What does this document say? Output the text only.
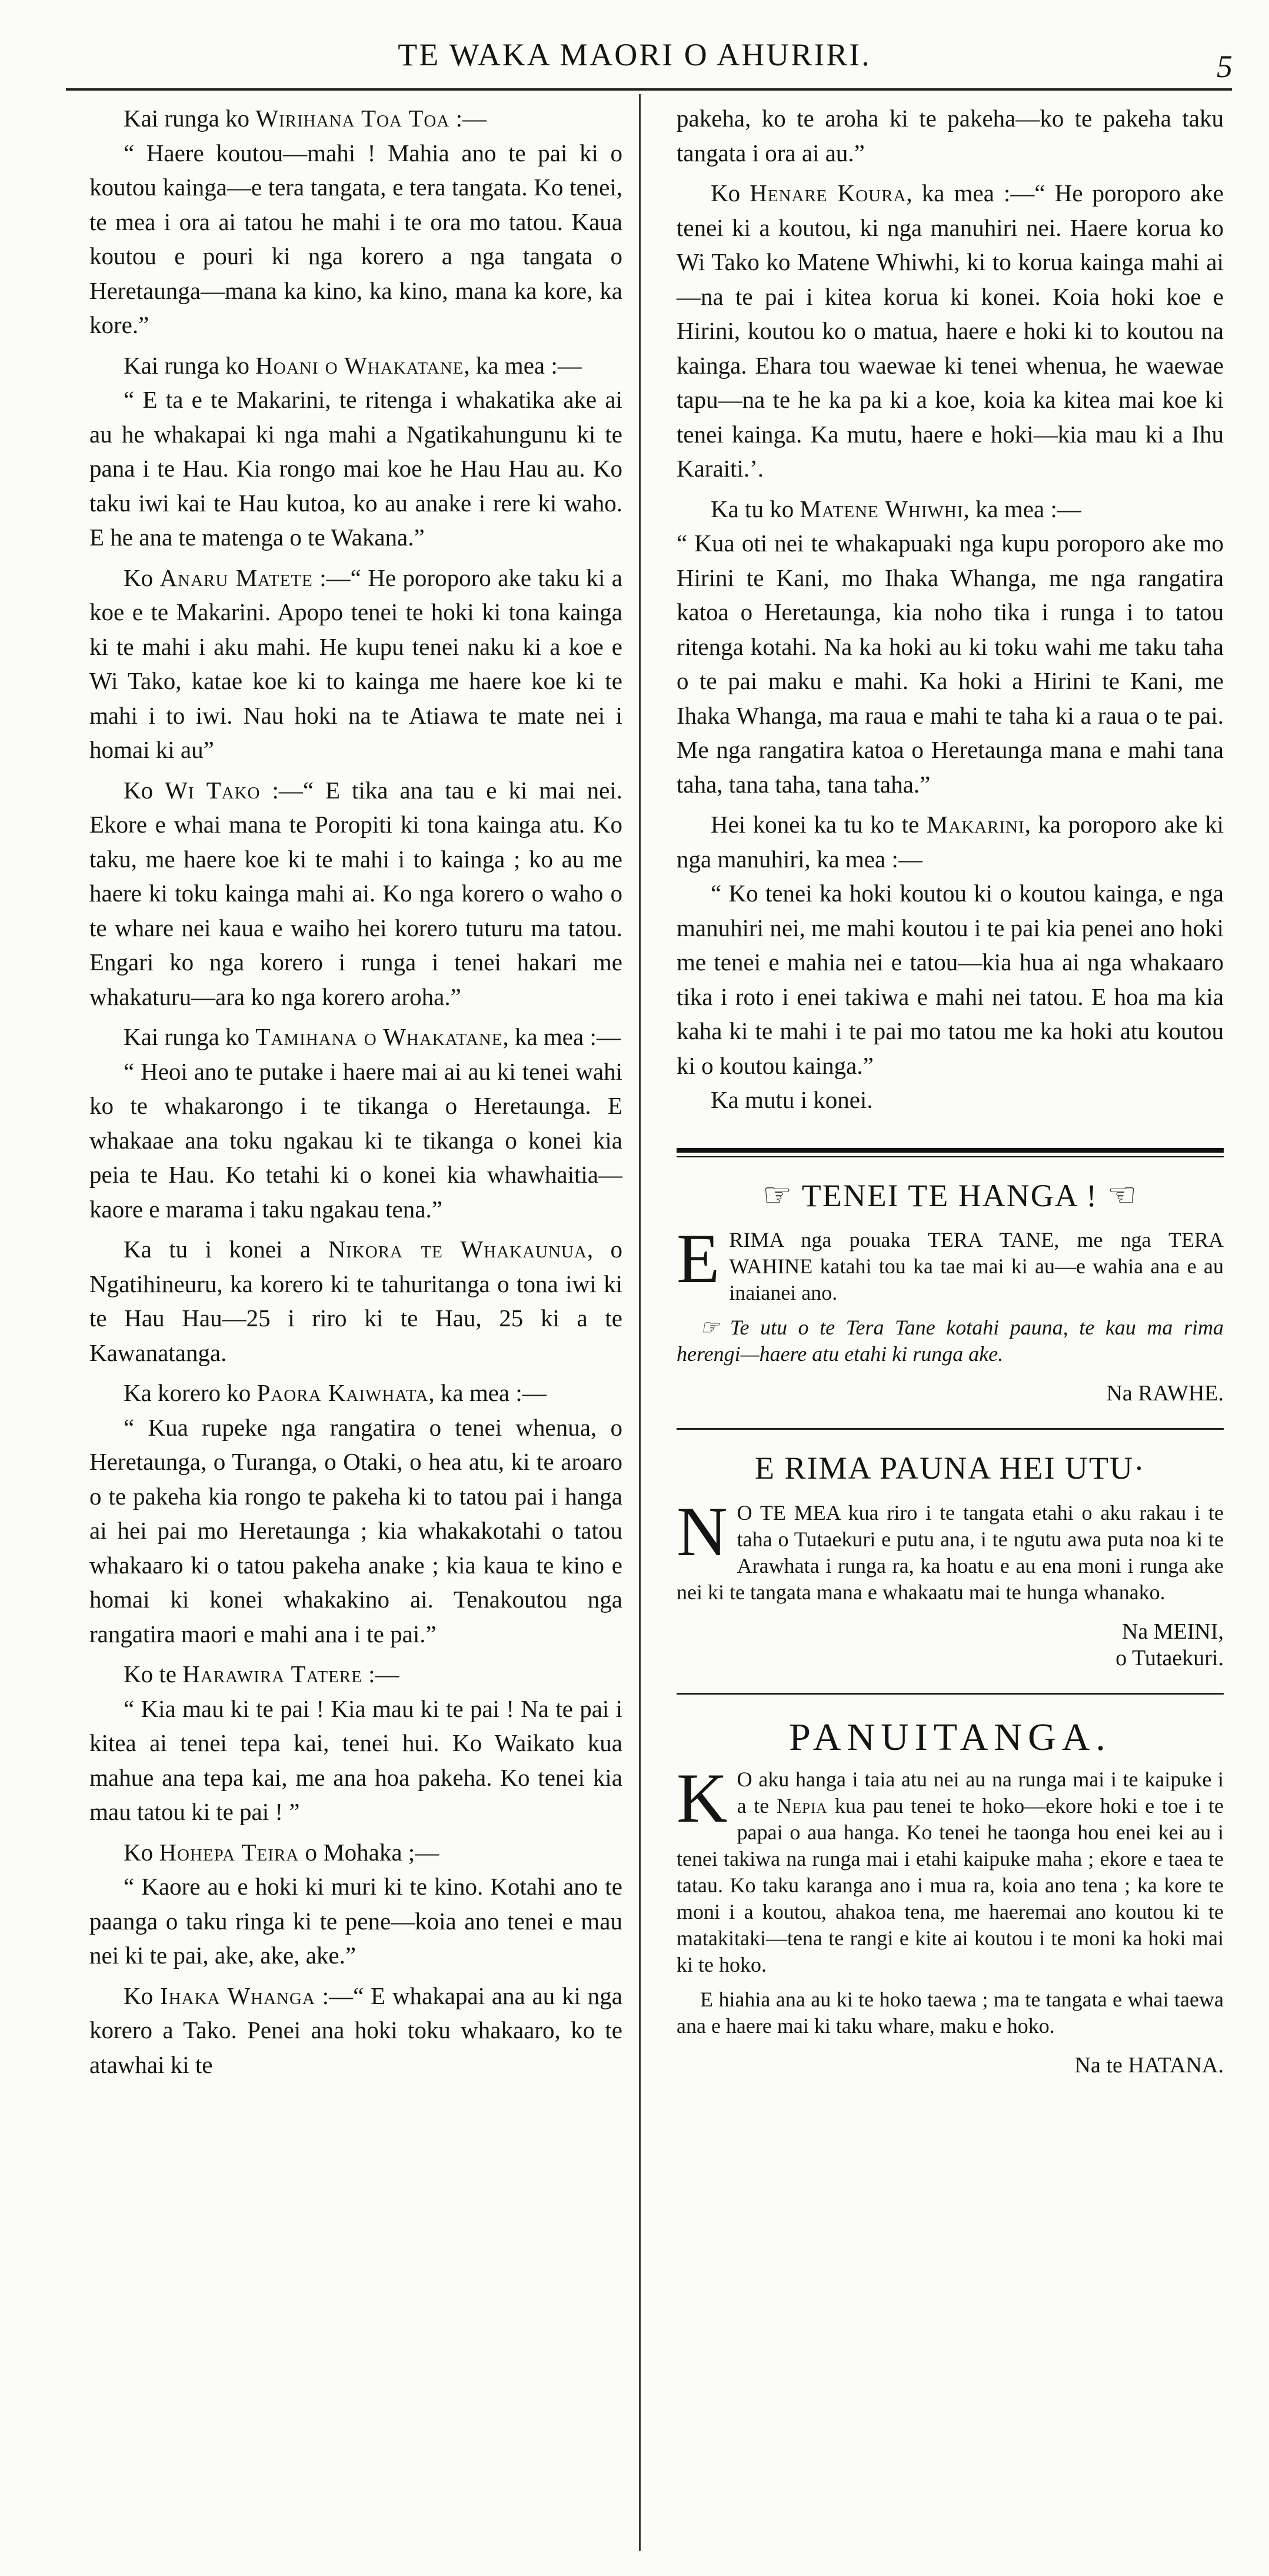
TE WAKA MAORI O AHURIRI.	5

Kai runga ko Wirihana Toa Toa :—

“ Haere koutou—mahi ! Mahia ano te pai ki o koutou kainga—e tera tangata, e tera tangata. Ko tenei, te mea i ora ai tatou he mahi i te ora mo tatou. Kaua koutou e pouri ki nga korero a nga tangata o Heretaunga—mana ka kino, ka kino, mana ka kore, ka kore.”

Kai runga ko Hoani o Whakatane, ka mea :—

“ E ta e te Makarini, te ritenga i whakatika ake ai au he whakapai ki nga mahi a Ngatikahungunu ki te pana i te Hau. Kia rongo mai koe he Hau Hau au. Ko taku iwi kai te Hau kutoa, ko au anake i rere ki waho. E he ana te matenga o te Wakana.”

Ko Anaru Matete :—“ He poroporo ake taku ki a koe e te Makarini. Apopo tenei te hoki ki tona kainga ki te mahi i aku mahi. He kupu tenei naku ki a koe e Wi Tako, katae koe ki to kainga me haere koe ki te mahi i to iwi. Nau hoki na te Atiawa te mate nei i homai ki au”

Ko Wi Tako :—“ E tika ana tau e ki mai nei. Ekore e whai mana te Poropiti ki tona kainga atu. Ko taku, me haere koe ki te mahi i to kainga ; ko au me haere ki toku kainga mahi ai. Ko nga korero o waho o te whare nei kaua e waiho hei korero tuturu ma tatou. Engari ko nga korero i runga i tenei hakari me whakaturu—ara ko nga korero aroha.”

Kai runga ko Tamihana o Whakatane, ka mea :—

“ Heoi ano te putake i haere mai ai au ki tenei wahi ko te whakarongo i te tikanga o Heretaunga. E whakaae ana toku ngakau ki te tikanga o konei kia peia te Hau. Ko tetahi ki o konei kia whawhaitia—kaore e marama i taku ngakau tena.”

Ka tu i konei a Nikora te Whakaunua, o Ngatihineuru, ka korero ki te tahuritanga o tona iwi ki te Hau Hau—25 i riro ki te Hau, 25 ki a te Kawanatanga.

Ka korero ko Paora Kaiwhata, ka mea :—

“ Kua rupeke nga rangatira o tenei whenua, o Heretaunga, o Turanga, o Otaki, o hea atu, ki te aroaro o te pakeha kia rongo te pakeha ki to tatou pai i hanga ai hei pai mo Heretaunga ; kia whakakotahi o tatou whakaaro ki o tatou pakeha anake ; kia kaua te kino e homai ki konei whakakino ai. Tenakoutou nga rangatira maori e mahi ana i te pai.”

Ko te Harawira Tatere :—

“ Kia mau ki te pai ! Kia mau ki te pai ! Na te pai i kitea ai tenei tepa kai, tenei hui. Ko Waikato kua mahue ana tepa kai, me ana hoa pakeha. Ko tenei kia mau tatou ki te pai ! ”

Ko Hohepa Teira o Mohaka ;—

“ Kaore au e hoki ki muri ki te kino. Kotahi ano te paanga o taku ringa ki te pene—koia ano tenei e mau nei ki te pai, ake, ake, ake.”

Ko Ihaka Whanga :—“ E whakapai ana au ki nga korero a Tako. Penei ana hoki toku whakaaro, ko te atawhai ki te

pakeha, ko te aroha ki te pakeha—ko te pakeha taku tangata i ora ai au.”

Ko Henare Koura, ka mea :—“ He poroporo ake tenei ki a koutou, ki nga manuhiri nei. Haere korua ko Wi Tako ko Matene Whiwhi, ki to korua kainga mahi ai—na te pai i kitea korua ki konei. Koia hoki koe e Hirini, koutou ko o matua, haere e hoki ki to koutou na kainga. Ehara tou waewae ki tenei whenua, he waewae tapu—na te he ka pa ki a koe, koia ka kitea mai koe ki tenei kainga. Ka mutu, haere e hoki—kia mau ki a Ihu Karaiti.’.

Ka tu ko Matene Whiwhi, ka mea :—

“ Kua oti nei te whakapuaki nga kupu poroporo ake mo Hirini te Kani, mo Ihaka Whanga, me nga rangatira katoa o Heretaunga, kia noho tika i runga i to tatou ritenga kotahi. Na ka hoki au ki toku wahi me taku taha o te pai maku e mahi. Ka hoki a Hirini te Kani, me Ihaka Whanga, ma raua e mahi te taha ki a raua o te pai. Me nga rangatira katoa o Heretaunga mana e mahi tana taha, tana taha, tana taha.”

Hei konei ka tu ko te Makarini, ka poroporo ake ki nga manuhiri, ka mea :—

“ Ko tenei ka hoki koutou ki o koutou kainga, e nga manuhiri nei, me mahi koutou i te pai kia penei ano hoki me tenei e mahia nei e tatou—kia hua ai nga whakaaro tika i roto i enei takiwa e mahi nei tatou. E hoa ma kia kaha ki te mahi i te pai mo tatou me ka hoki atu koutou ki o koutou kainga.”

Ka mutu i konei.

☞ TENEI TE HANGA ! ☜

E RIMA nga pouaka TERA TANE, me nga TERA WAHINE katahi tou ka tae mai ki au—e wahia ana e au inaianei ano.

☞ Te utu o te Tera Tane kotahi pauna, te kau ma rima herengi—haere atu etahi ki runga ake.

Na RAWHE.
E RIMA PAUNA HEI UTU·

N O TE MEA kua riro i te tangata etahi o aku rakau i te taha o Tutaekuri e putu ana, i te ngutu awa puta noa ki te Arawhata i runga ra, ka hoatu e au ena moni i runga ake nei ki te tangata mana e whakaatu mai te hunga whanako.

Na MEINI,
o Tutaekuri.
PANUITANGA.

K O aku hanga i taia atu nei au na runga mai i te kaipuke i a te Nepia kua pau tenei te hoko—ekore hoki e toe i te papai o aua hanga. Ko tenei he taonga hou enei kei au i tenei takiwa na runga mai i etahi kaipuke maha ; ekore e taea te tatau. Ko taku karanga ano i mua ra, koia ano tena ; ka kore te moni i a koutou, ahakoa tena, me haeremai ano koutou ki te matakitaki—tena te rangi e kite ai koutou i te moni ka hoki mai ki te hoko.

E hiahia ana au ki te hoko taewa ; ma te tangata e whai taewa ana e haere mai ki taku whare, maku e hoko.

Na te HATANA.
